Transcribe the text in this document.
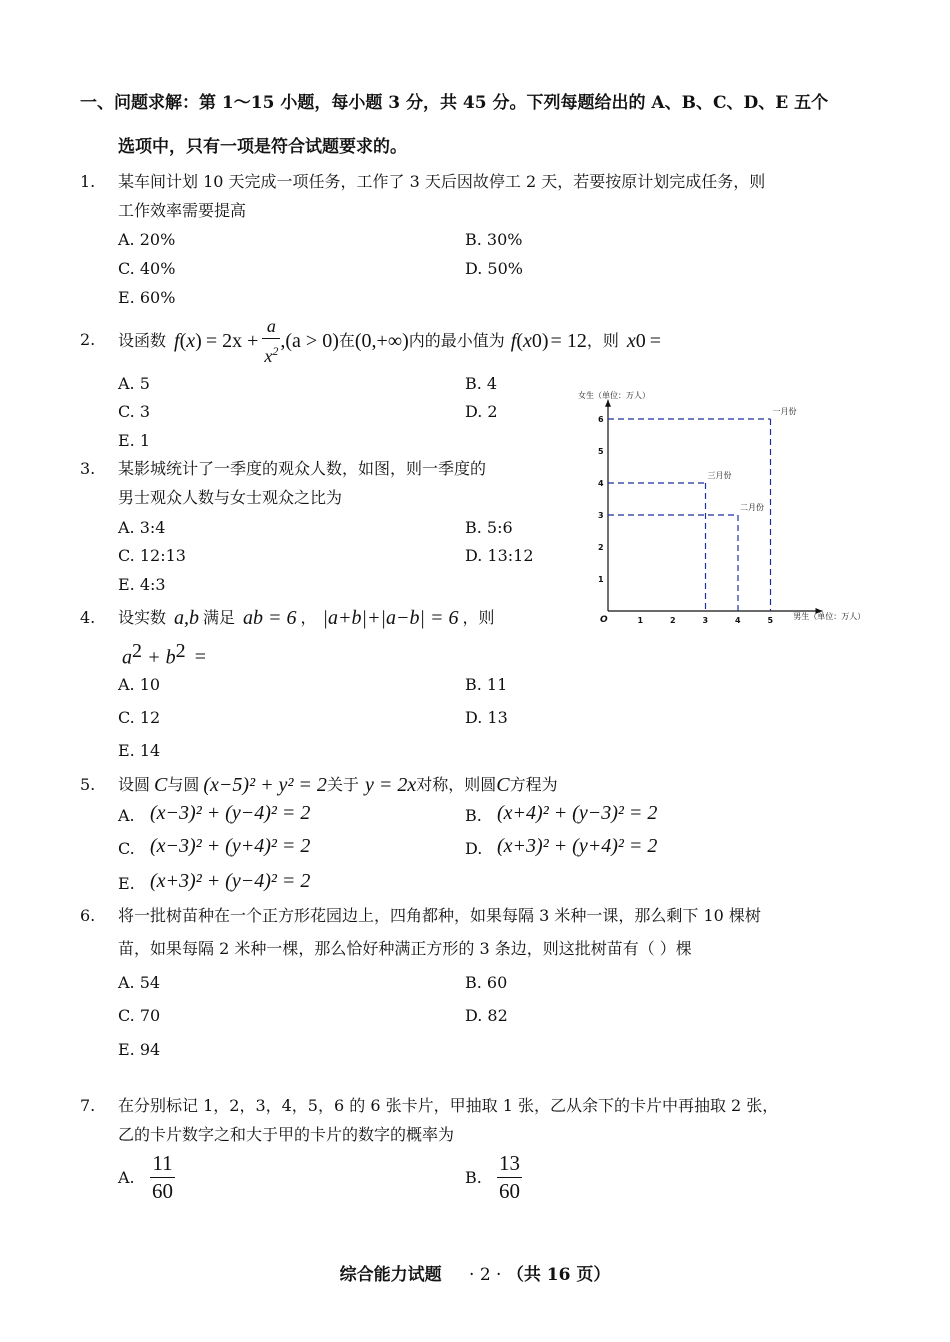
一、问题求解：第 1～15 小题，每小题 3 分，共 45 分。下列每题给出的 A、B、C、D、E 五个
选项中，只有一项是符合试题要求的。
1. 某车间计划 10 天完成一项任务，工作了 3 天后因故停工 2 天，若要按原计划完成任务，则
工作效率需要提高
A. 20%	B. 30%
C. 40%	D. 50%
E. 60%
2. 设函数 f ( x ) = $2x + \frac{a}{x^2} ,(a > 0)$ 在 (0,+∞) 内的最小值为 f ( x 0 ) = 12 ，则 x 0 =
A. 5	B. 4
C. 3	D. 2
E. 1
3. 某影城统计了一季度的观众人数，如图，则一季度的
男士观众人数与女士观众之比为
A. 3:4	B. 5:6
C. 12:13	D. 13:12
E. 4:3
女生（单位：万人）
男生（单位：万人）
O	1	2	3	4	5
1
2
3
4
5
6
一月份
二月份
三月份
4. 设实数 a,b 满足 ab = 6 ， |a+b|+|a−b| = 6 ，则
$a^2 + b^2$ =
A. 10	B. 11
C. 12	D. 13
E. 14
5. 设圆 C 与圆 (x−5)² + y² = 2 关于 y = 2x 对称，则圆 C 方程为
A. (x−3)² + (y−4)² = 2	B. (x+4)² + (y−3)² = 2
C. (x−3)² + (y+4)² = 2	D. (x+3)² + (y+4)² = 2
E. (x+3)² + (y−4)² = 2
6. 将一批树苗种在一个正方形花园边上，四角都种，如果每隔 3 米种一课，那么剩下 10 棵树
苗，如果每隔 2 米种一棵，那么恰好种满正方形的 3 条边，则这批树苗有（ ）棵
A. 54	B. 60
C. 70	D. 82
E. 94
7. 在分别标记 1，2，3，4，5，6 的 6 张卡片，甲抽取 1 张，乙从余下的卡片中再抽取 2 张，
乙的卡片数字之和大于甲的卡片的数字的概率为
A. $\frac{11}{60}$	B. $\frac{13}{60}$
综合能力试题 · 2 · （共 16 页）
